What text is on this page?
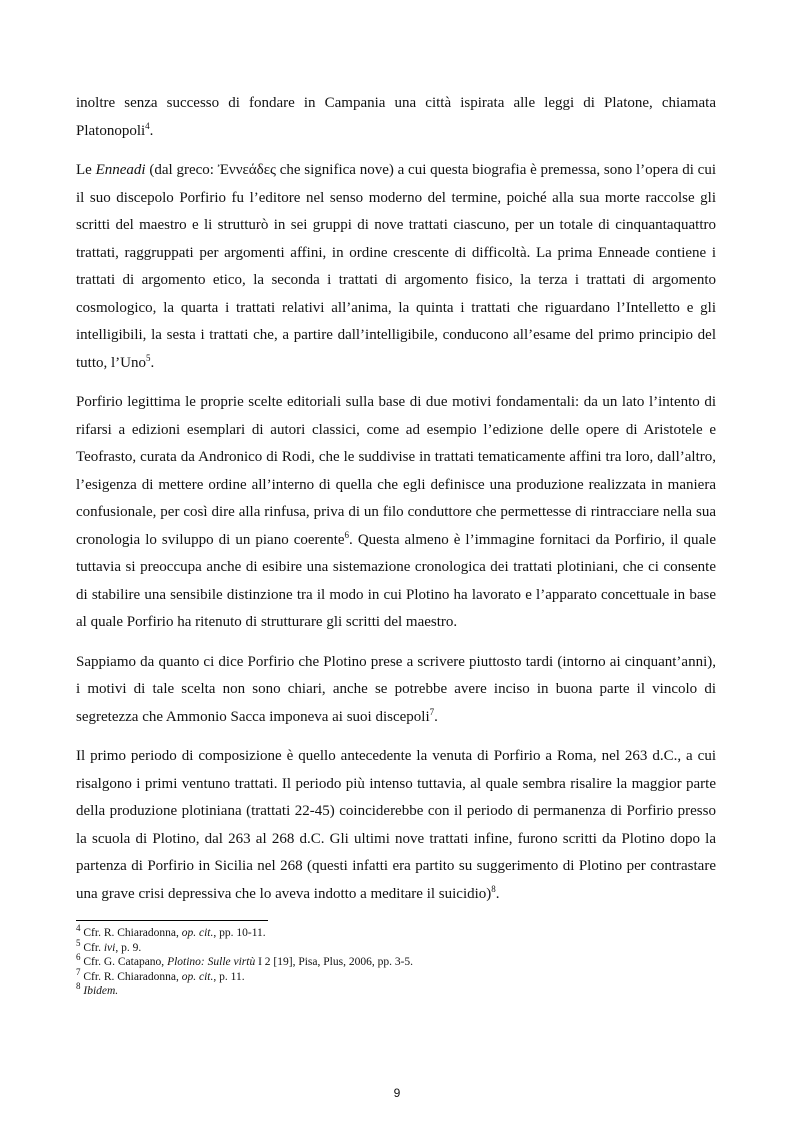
inoltre senza successo di fondare in Campania una città ispirata alle leggi di Platone, chiamata Platonopoli$^4$.

Le Enneadi (dal greco: Ἐννεάδες che significa nove) a cui questa biografia è premessa, sono l’opera di cui il suo discepolo Porfirio fu l’editore nel senso moderno del termine, poiché alla sua morte raccolse gli scritti del maestro e li strutturò in sei gruppi di nove trattati ciascuno, per un totale di cinquantaquattro trattati, raggruppati per argomenti affini, in ordine crescente di difficoltà. La prima Enneade contiene i trattati di argomento etico, la seconda i trattati di argomento fisico, la terza i trattati di argomento cosmologico, la quarta i trattati relativi all’anima, la quinta i trattati che riguardano l’Intelletto e gli intelligibili, la sesta i trattati che, a partire dall’intelligibile, conducono all’esame del primo principio del tutto, l’Uno$^5$.

Porfirio legittima le proprie scelte editoriali sulla base di due motivi fondamentali: da un lato l’intento di rifarsi a edizioni esemplari di autori classici, come ad esempio l’edizione delle opere di Aristotele e Teofrasto, curata da Andronico di Rodi, che le suddivise in trattati tematicamente affini tra loro, dall’altro, l’esigenza di mettere ordine all’interno di quella che egli definisce una produzione realizzata in maniera confusionale, per così dire alla rinfusa, priva di un filo conduttore che permettesse di rintracciare nella sua cronologia lo sviluppo di un piano coerente$^6$. Questa almeno è l’immagine fornitaci da Porfirio, il quale tuttavia si preoccupa anche di esibire una sistemazione cronologica dei trattati plotiniani, che ci consente di stabilire una sensibile distinzione tra il modo in cui Plotino ha lavorato e l’apparato concettuale in base al quale Porfirio ha ritenuto di strutturare gli scritti del maestro.

Sappiamo da quanto ci dice Porfirio che Plotino prese a scrivere piuttosto tardi (intorno ai cinquant’anni), i motivi di tale scelta non sono chiari, anche se potrebbe avere inciso in buona parte il vincolo di segretezza che Ammonio Sacca imponeva ai suoi discepoli$^7$.

Il primo periodo di composizione è quello antecedente la venuta di Porfirio a Roma, nel 263 d.C., a cui risalgono i primi ventuno trattati. Il periodo più intenso tuttavia, al quale sembra risalire la maggior parte della produzione plotiniana (trattati 22-45) coinciderebbe con il periodo di permanenza di Porfirio presso la scuola di Plotino, dal 263 al 268 d.C. Gli ultimi nove trattati infine, furono scritti da Plotino dopo la partenza di Porfirio in Sicilia nel 268 (questi infatti era partito su suggerimento di Plotino per contrastare una grave crisi depressiva che lo aveva indotto a meditare il suicidio)$^8$.

$^4$ Cfr. R. Chiaradonna, op. cit., pp. 10-11.

$^5$ Cfr. ivi, p. 9.

$^6$ Cfr. G. Catapano, Plotino: Sulle virtù I 2 [19], Pisa, Plus, 2006, pp. 3-5.

$^7$ Cfr. R. Chiaradonna, op. cit., p. 11.

$^8$ Ibidem.

9
